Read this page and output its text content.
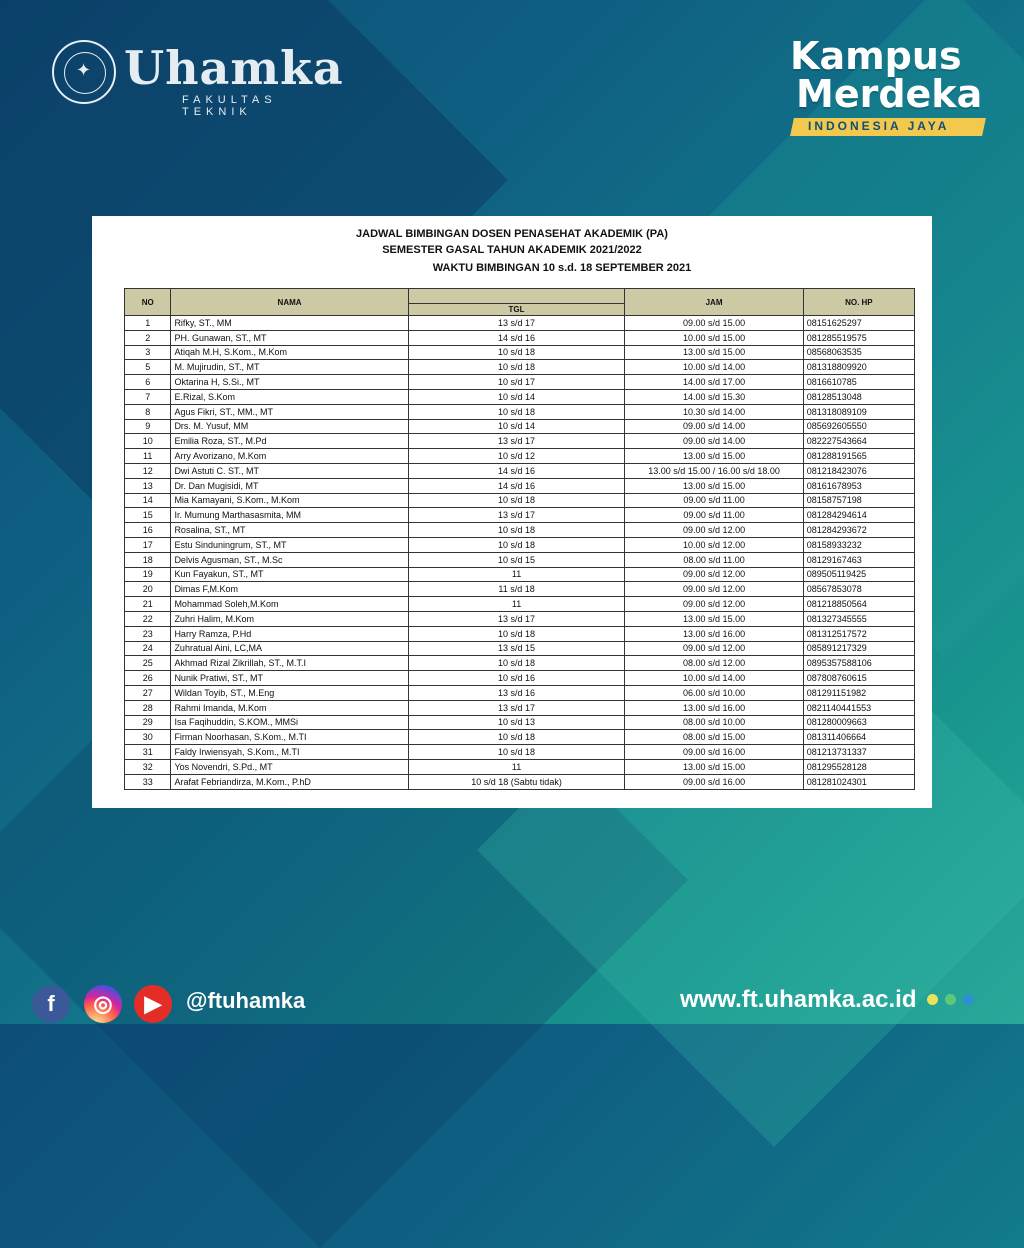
✦ Uhamka
FAKULTAS TEKNIK
Kampus
Merdeka
INDONESIA JAYA
JADWAL BIMBINGAN DOSEN PENASEHAT AKADEMIK (PA)
SEMESTER GASAL TAHUN AKADEMIK 2021/2022
WAKTU BIMBINGAN 10 s.d. 18 SEPTEMBER 2021
NO	NAMA		JAM	NO. HP
		TGL		
1	Rifky, ST., MM	13 s/d 17	09.00 s/d 15.00	08151625297
2	PH. Gunawan, ST., MT	14 s/d 16	10.00 s/d 15.00	081285519575
3	Atiqah M.H, S.Kom., M.Kom	10 s/d 18	13.00 s/d 15.00	08568063535
5	M. Mujirudin, ST., MT	10 s/d 18	10.00 s/d 14.00	081318809920
6	Oktarina H, S.Si., MT	10 s/d 17	14.00 s/d 17.00	0816610785
7	E.Rizal, S.Kom	10 s/d 14	14.00 s/d 15.30	08128513048
8	Agus Fikri, ST., MM., MT	10 s/d 18	10.30 s/d 14.00	081318089109
9	Drs. M. Yusuf, MM	10 s/d 14	09.00 s/d 14.00	085692605550
10	Emilia Roza, ST., M.Pd	13 s/d 17	09.00 s/d 14.00	082227543664
11	Arry Avorizano, M.Kom	10 s/d 12	13.00 s/d 15.00	081288191565
12	Dwi Astuti C. ST., MT	14 s/d 16	13.00 s/d 15.00 / 16.00 s/d 18.00	081218423076
13	Dr. Dan Mugisidi, MT	14 s/d 16	13.00 s/d 15.00	08161678953
14	Mia Kamayani, S.Kom., M.Kom	10 s/d 18	09.00 s/d 11.00	08158757198
15	Ir. Mumung Marthasasmita, MM	13 s/d 17	09.00 s/d 11.00	081284294614
16	Rosalina, ST., MT	10 s/d 18	09.00 s/d 12.00	081284293672
17	Estu Sinduningrum, ST., MT	10 s/d 18	10.00 s/d 12.00	08158933232
18	Delvis Agusman, ST., M.Sc	10 s/d 15	08.00 s/d 11.00	08129167463
19	Kun Fayakun, ST., MT	11	09.00 s/d 12.00	089505119425
20	Dimas F,M.Kom	11 s/d 18	09.00 s/d 12.00	08567853078
21	Mohammad Soleh,M.Kom	11	09.00 s/d 12.00	081218850564
22	Zuhri Halim, M.Kom	13 s/d 17	13.00 s/d 15.00	081327345555
23	Harry Ramza, P.Hd	10 s/d 18	13.00 s/d 16.00	081312517572
24	Zuhratual Aini, LC,MA	13 s/d 15	09.00 s/d 12.00	085891217329
25	Akhmad Rizal Zikrillah, ST., M.T.I	10 s/d 18	08.00 s/d 12.00	0895357588106
26	Nunik Pratiwi, ST., MT	10 s/d 16	10.00 s/d 14.00	087808760615
27	Wildan Toyib, ST., M.Eng	13 s/d 16	06.00 s/d 10.00	081291151982
28	Rahmi Imanda, M.Kom	13 s/d 17	13.00 s/d 16.00	0821140441553
29	Isa Faqihuddin, S.KOM., MMSi	10 s/d 13	08.00 s/d 10.00	081280009663
30	Firman Noorhasan, S.Kom., M.TI	10 s/d 18	08.00 s/d 15.00	081311406664
31	Faldy Irwiensyah, S.Kom., M.TI	10 s/d 18	09.00 s/d 16.00	081213731337
32	Yos Novendri, S.Pd., MT	11	13.00 s/d 15.00	081295528128
33	Arafat Febriandirza, M.Kom., P.hD	10 s/d 18 (Sabtu tidak)	09.00 s/d 16.00	081281024301
f	◎	▶	@ftuhamka	www.ft.uhamka.ac.id
